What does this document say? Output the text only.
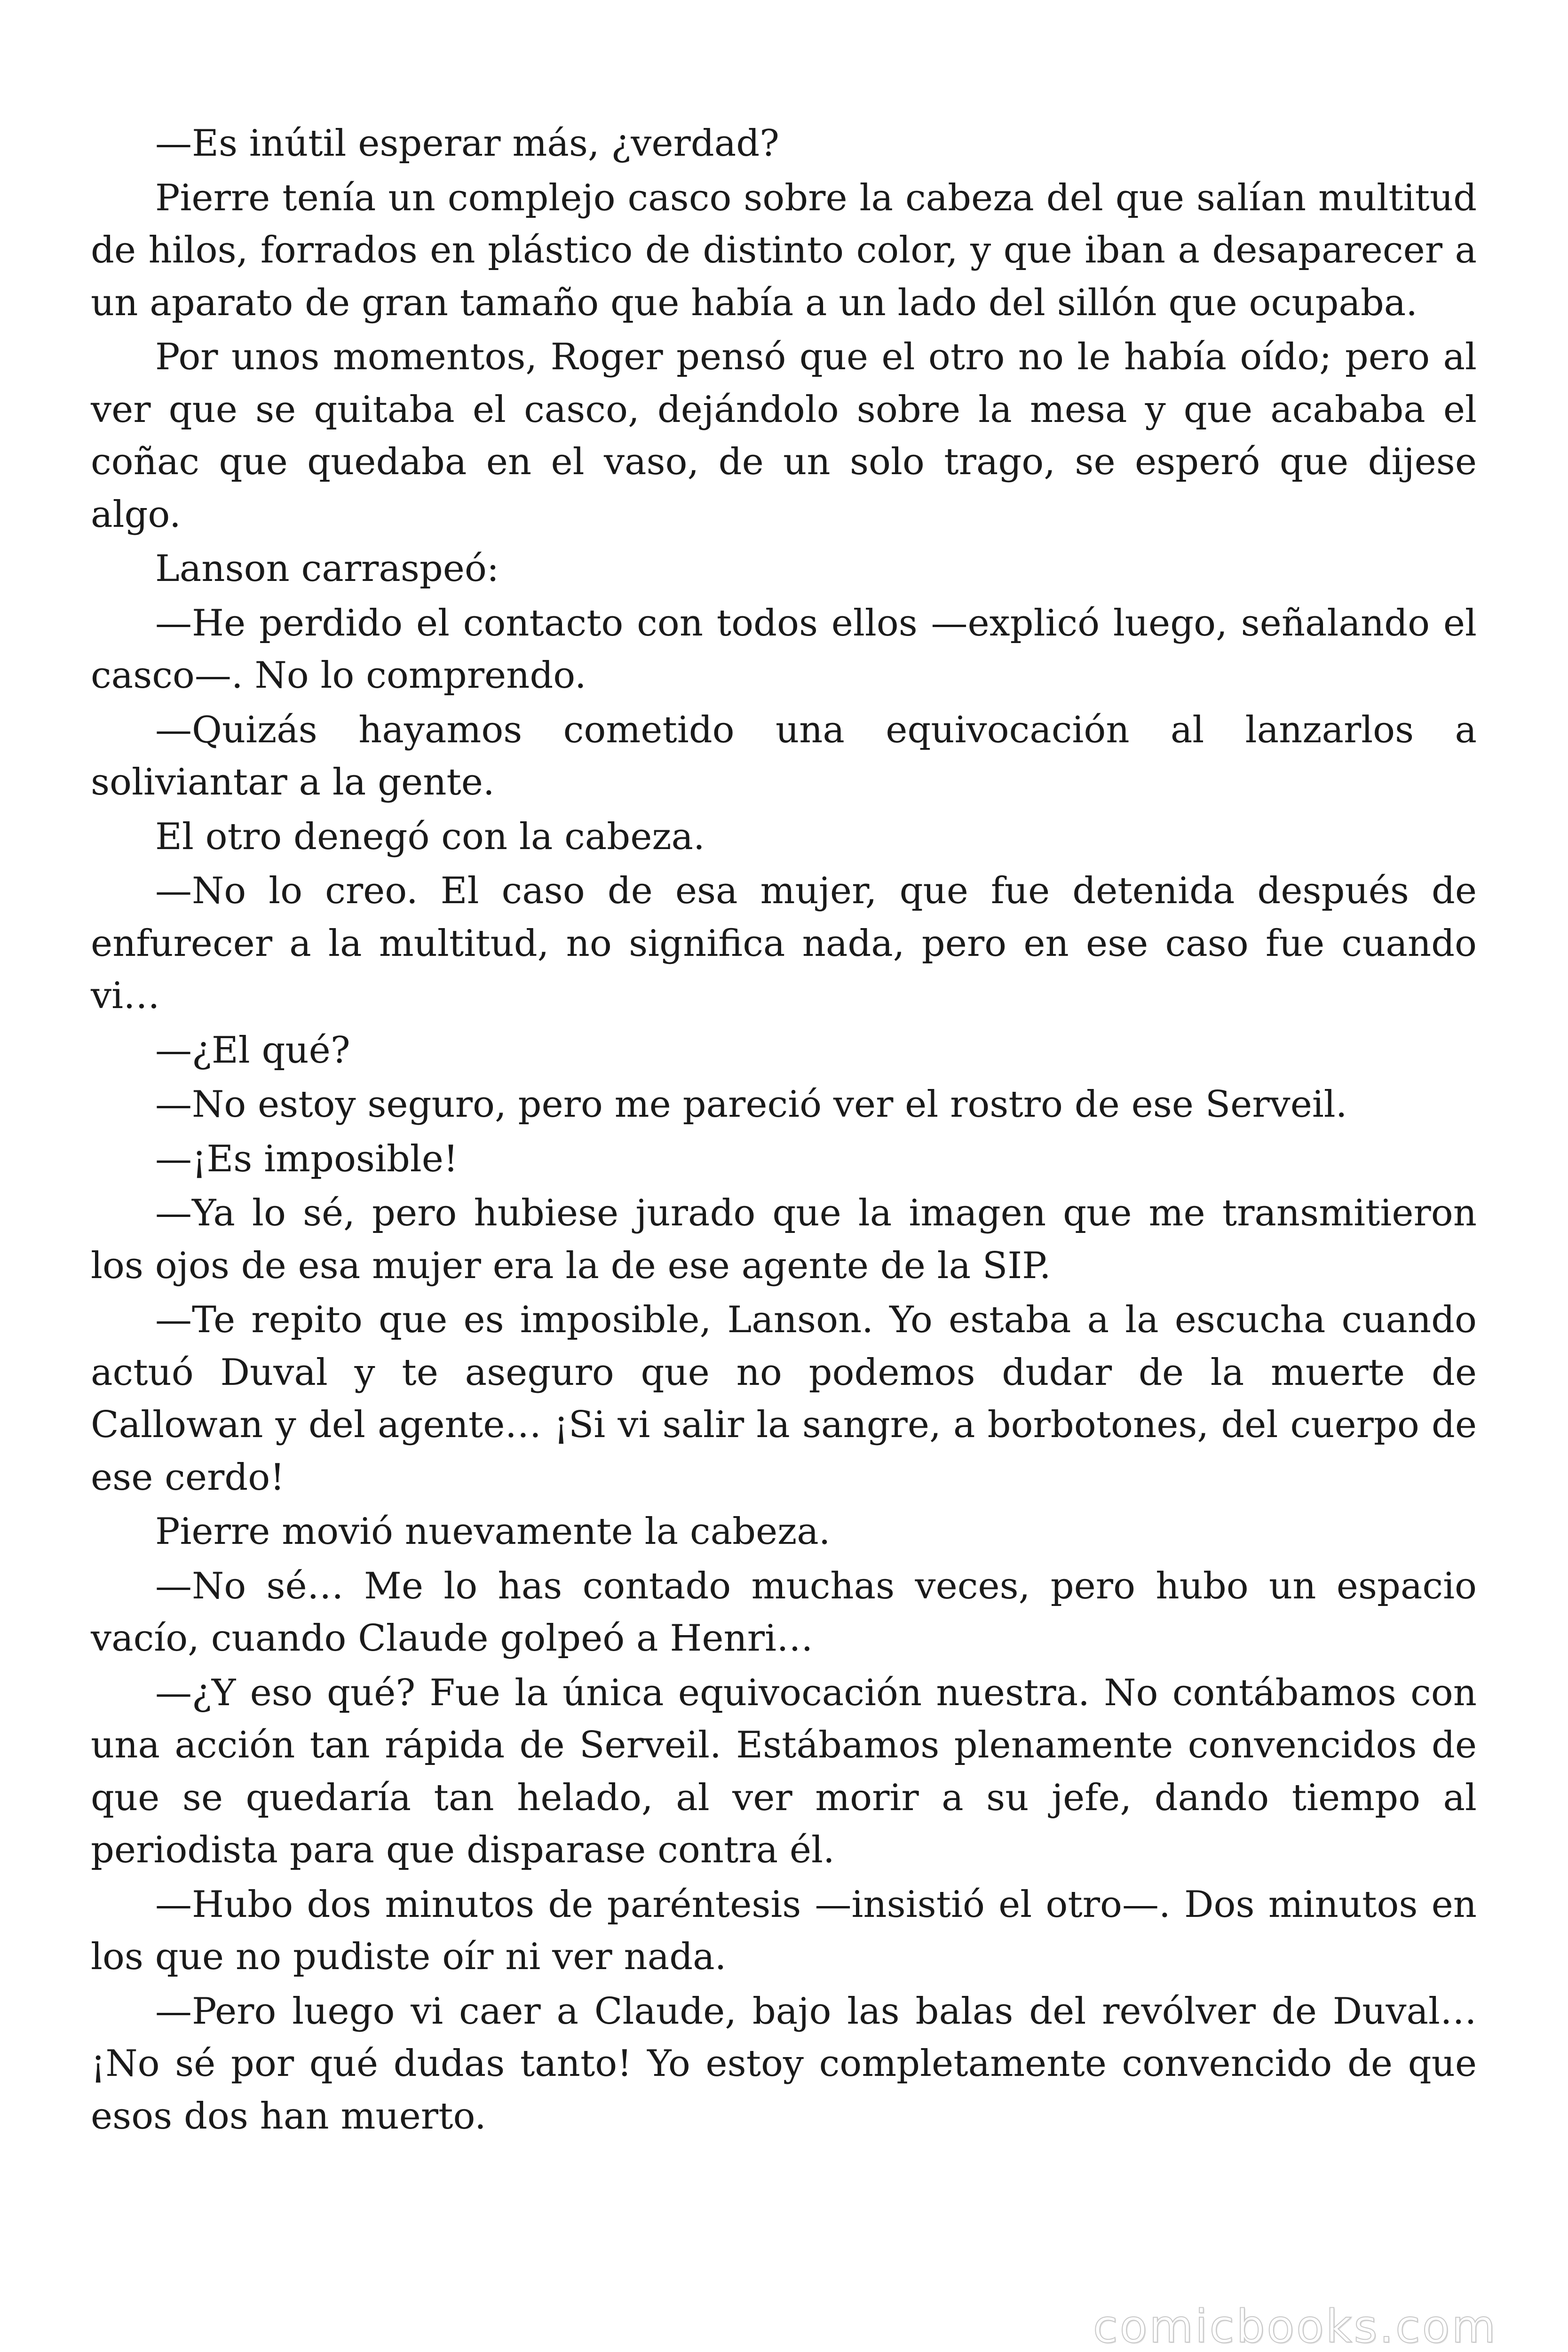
—Es inútil esperar más, ¿verdad?

Pierre tenía un complejo casco sobre la cabeza del que salían multitud de hilos, forrados en plástico de distinto color, y que iban a desaparecer a un aparato de gran tamaño que había a un lado del sillón que ocupaba.

Por unos momentos, Roger pensó que el otro no le había oído; pero al ver que se quitaba el casco, dejándolo sobre la mesa y que acababa el coñac que quedaba en el vaso, de un solo trago, se esperó que dijese algo.

Lanson carraspeó:

—He perdido el contacto con todos ellos —explicó luego, señalando el casco—. No lo comprendo.

—Quizás hayamos cometido una equivocación al lanzarlos a soliviantar a la gente.

El otro denegó con la cabeza.

—No lo creo. El caso de esa mujer, que fue detenida después de enfurecer a la multitud, no significa nada, pero en ese caso fue cuando vi…

—¿El qué?

—No estoy seguro, pero me pareció ver el rostro de ese Serveil.

—¡Es imposible!

—Ya lo sé, pero hubiese jurado que la imagen que me transmitieron los ojos de esa mujer era la de ese agente de la SIP.

—Te repito que es imposible, Lanson. Yo estaba a la escucha cuando actuó Duval y te aseguro que no podemos dudar de la muerte de Callowan y del agente… ¡Si vi salir la sangre, a borbotones, del cuerpo de ese cerdo!

Pierre movió nuevamente la cabeza.

—No sé… Me lo has contado muchas veces, pero hubo un espacio vacío, cuando Claude golpeó a Henri…

—¿Y eso qué? Fue la única equivocación nuestra. No contábamos con una acción tan rápida de Serveil. Estábamos plenamente convencidos de que se quedaría tan helado, al ver morir a su jefe, dando tiempo al periodista para que disparase contra él.

—Hubo dos minutos de paréntesis —insistió el otro—. Dos minutos en los que no pudiste oír ni ver nada.

—Pero luego vi caer a Claude, bajo las balas del revólver de Duval… ¡No sé por qué dudas tanto! Yo estoy completamente convencido de que esos dos han muerto.

comicbooks.com
